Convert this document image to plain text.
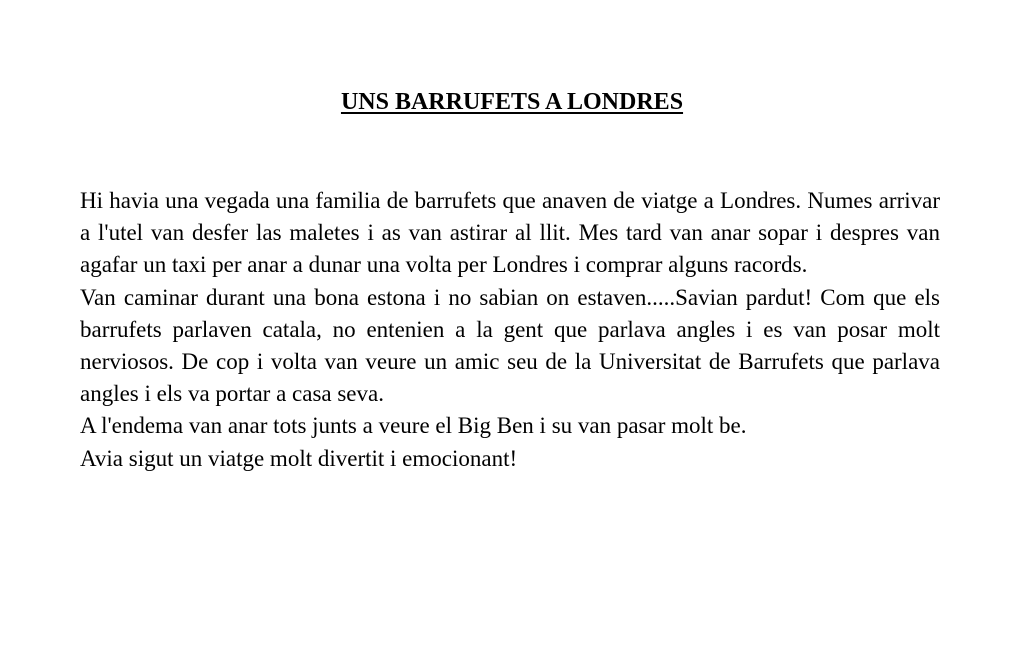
UNS BARRUFETS A LONDRES

Hi havia una vegada una familia de barrufets que anaven de viatge a Londres. Numes arrivar a l'utel van desfer las maletes i as van astirar al llit. Mes tard van anar sopar i despres van agafar un taxi per anar a dunar una volta per Londres i comprar alguns racords.

Van caminar durant una bona estona i no sabian on estaven.....Savian pardut! Com que els barrufets parlaven catala, no entenien a la gent que parlava angles i es van posar molt nerviosos. De cop i volta van veure un amic seu de la Universitat de Barrufets que parlava angles i els va portar a casa seva.

A l'endema van anar tots junts a veure el Big Ben i su van pasar molt be.

Avia sigut un viatge molt divertit i emocionant!
